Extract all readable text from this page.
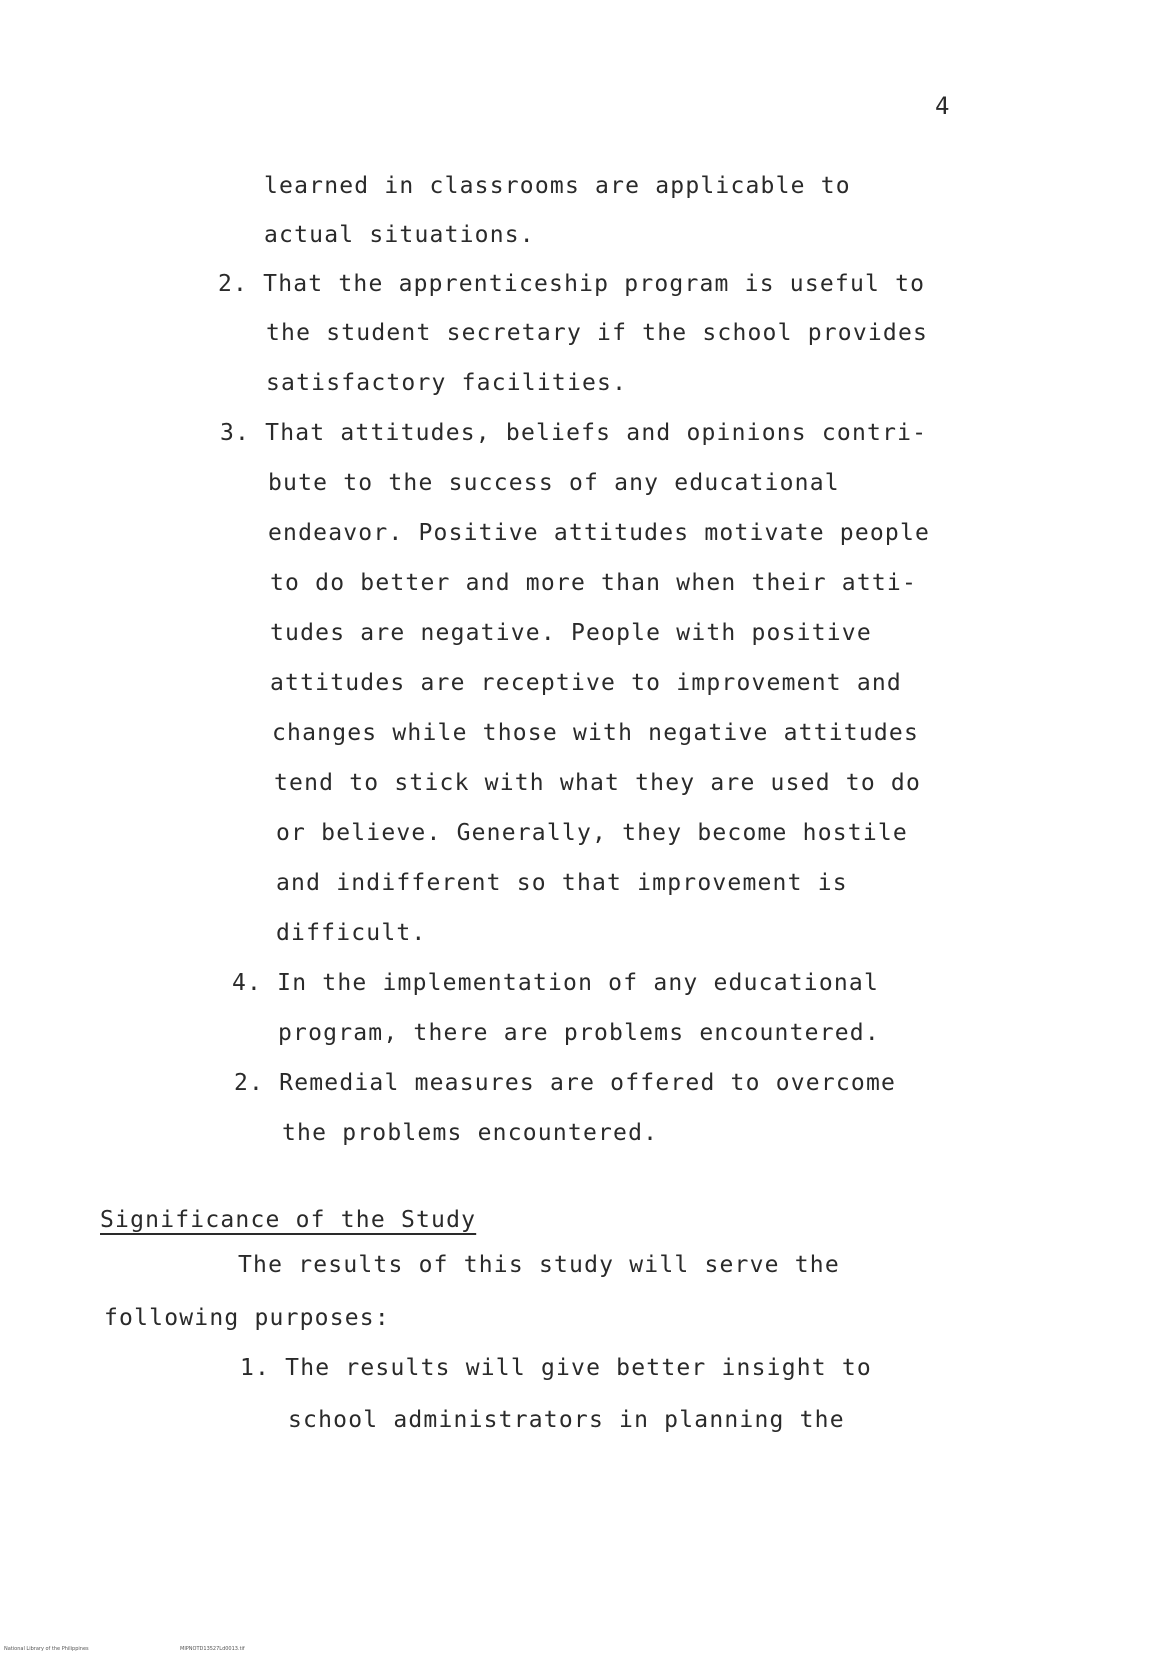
4
learned in classrooms are applicable to
actual situations.
2. That the apprenticeship program is useful to
the student secretary if the school provides
satisfactory facilities.
3. That attitudes, beliefs and opinions contri-
bute to the success of any educational
endeavor. Positive attitudes motivate people
to do better and more than when their atti-
tudes are negative. People with positive
attitudes are receptive to improvement and
changes while those with negative attitudes
tend to stick with what they are used to do
or believe. Generally, they become hostile
and indifferent so that improvement is
difficult.
4. In the implementation of any educational
program, there are problems encountered.
2. Remedial measures are offered to overcome
the problems encountered.
Significance of the Study
The results of this study will serve the
following purposes:
1. The results will give better insight to
school administrators in planning the
National Library of the Philippines	MIPNOTD13527Ld0013.tif
